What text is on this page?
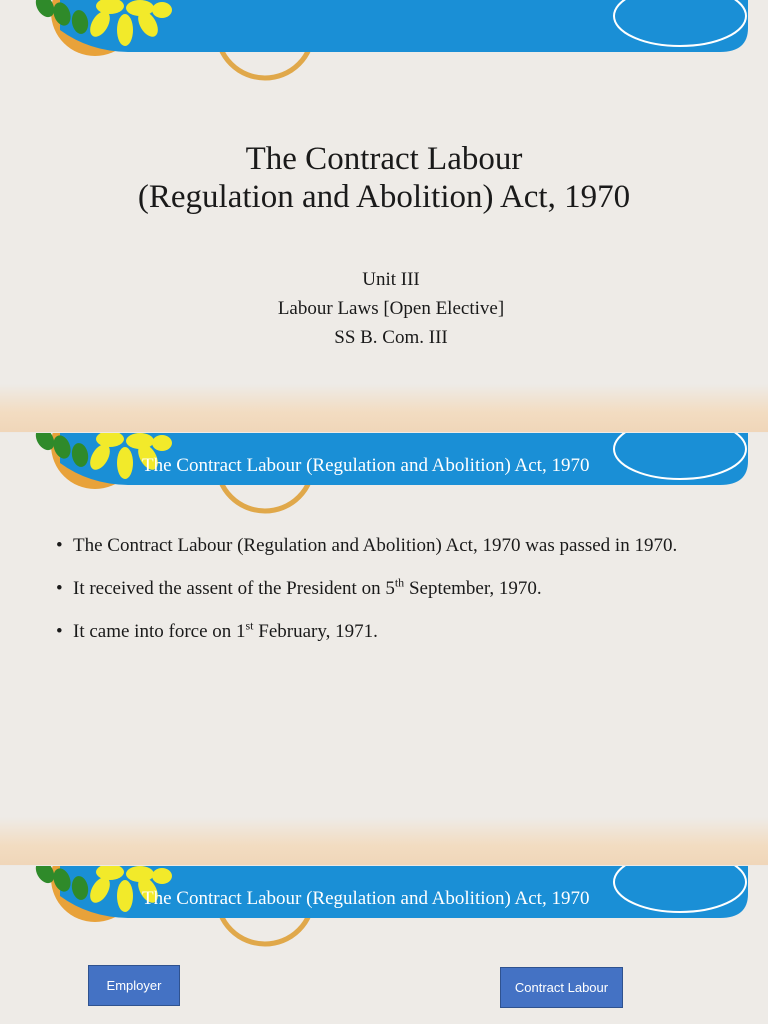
The Contract Labour
(Regulation and Abolition) Act, 1970
Unit III
Labour Laws [Open Elective]
SS B. Com. III
The Contract Labour (Regulation and Abolition) Act, 1970
• The Contract Labour (Regulation and Abolition) Act, 1970 was passed in 1970.
• It received the assent of the President on 5th September, 1970.
• It came into force on 1st February, 1971.
The Contract Labour (Regulation and Abolition) Act, 1970
Employer	Contract Labour
